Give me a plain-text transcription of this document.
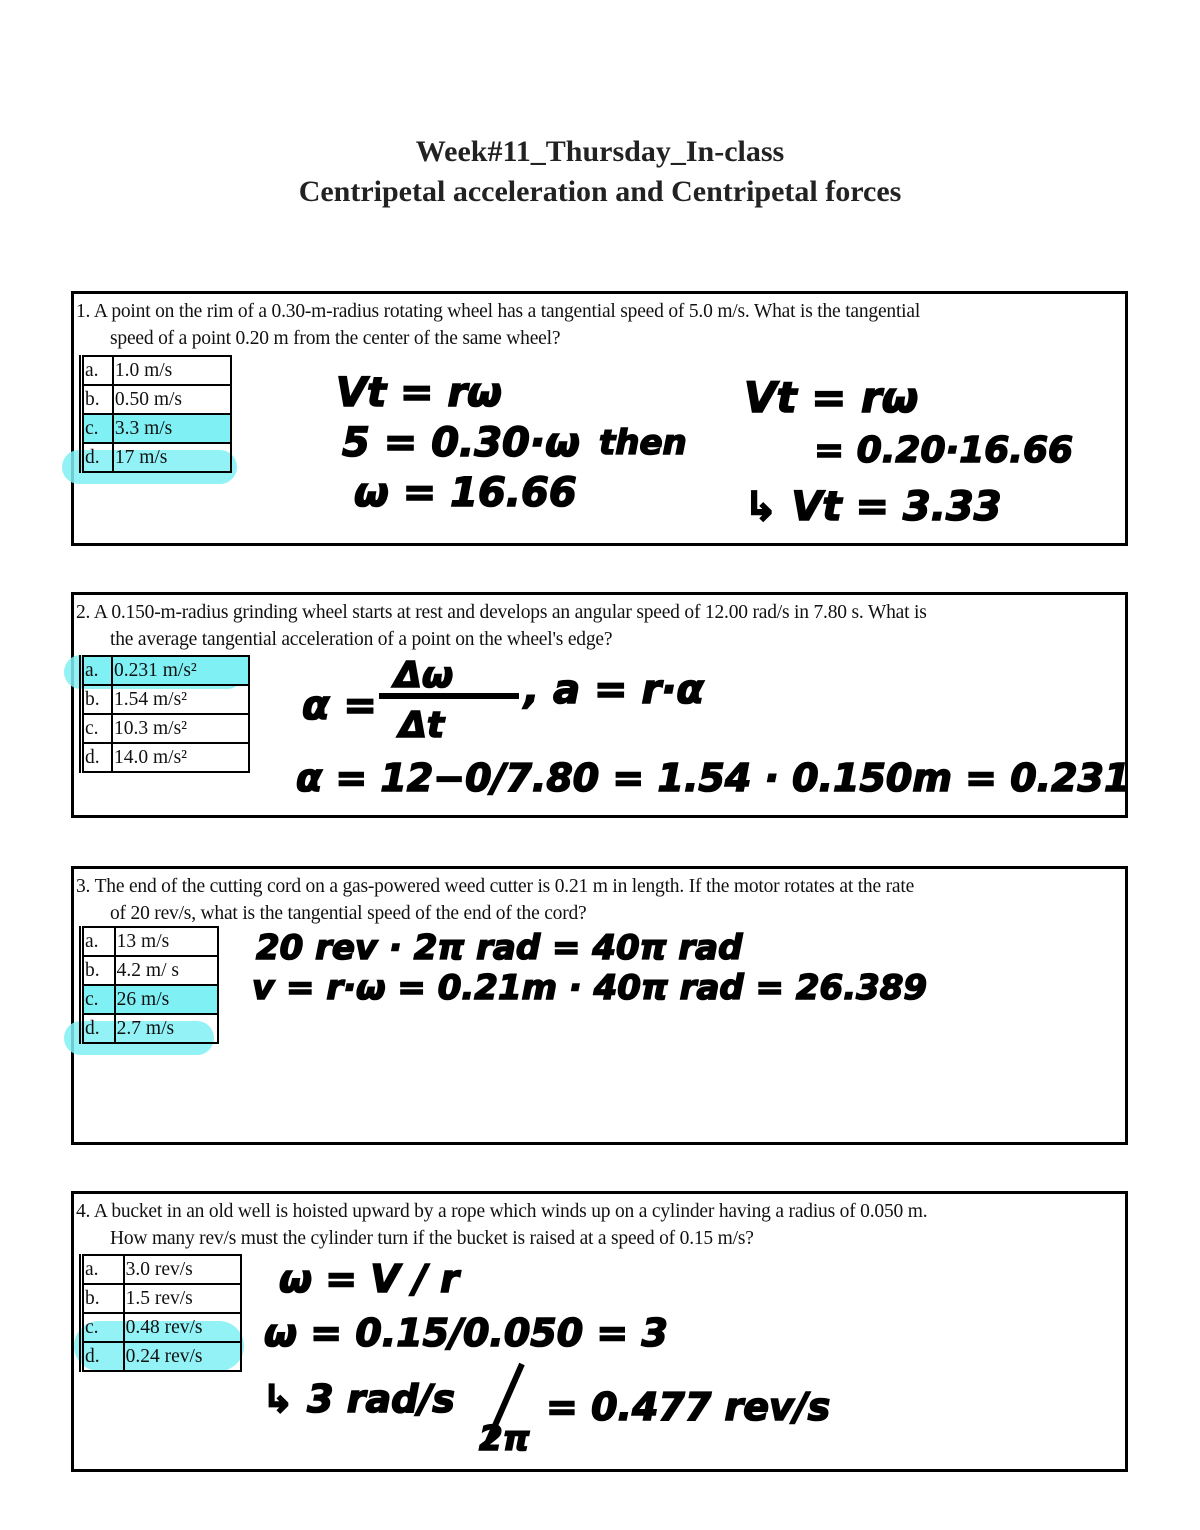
Week#11_Thursday_In-class
Centripetal acceleration and Centripetal forces
1. A point on the rim of a 0.30-m-radius rotating wheel has a tangential speed of 5.0 m/s. What is the tangential
speed of a point 0.20 m from the center of the same wheel?
a.	1.0 m/s
b.	0.50 m/s
c.	3.3 m/s
d.	17 m/s
Vt = rω
5 = 0.30·ω
ω = 16.66
then
Vt = rω
= 0.20·16.66
↳ Vt = 3.33
2. A 0.150-m-radius grinding wheel starts at rest and develops an angular speed of 12.00 rad/s in 7.80 s. What is
the average tangential acceleration of a point on the wheel's edge?
a.	0.231 m/s²
b.	1.54 m/s²
c.	10.3 m/s²
d.	14.0 m/s²
α =
Δω
Δt
, a = r·α
α = 12−0/7.80 = 1.54 · 0.150m = 0.231
3. The end of the cutting cord on a gas-powered weed cutter is 0.21 m in length. If the motor rotates at the rate
of 20 rev/s, what is the tangential speed of the end of the cord?
a.	13 m/s
b.	4.2 m/ s
c.	26 m/s
d.	2.7 m/s
20 rev · 2π rad = 40π rad
v = r·ω = 0.21m · 40π rad = 26.389
4. A bucket in an old well is hoisted upward by a rope which winds up on a cylinder having a radius of 0.050 m.
How many rev/s must the cylinder turn if the bucket is raised at a speed of 0.15 m/s?
a.	3.0 rev/s
b.	1.5 rev/s
c.	0.48 rev/s
d.	0.24 rev/s
ω = V / r
ω = 0.15/0.050 = 3
↳ 3 rad/s
2π
= 0.477 rev/s
